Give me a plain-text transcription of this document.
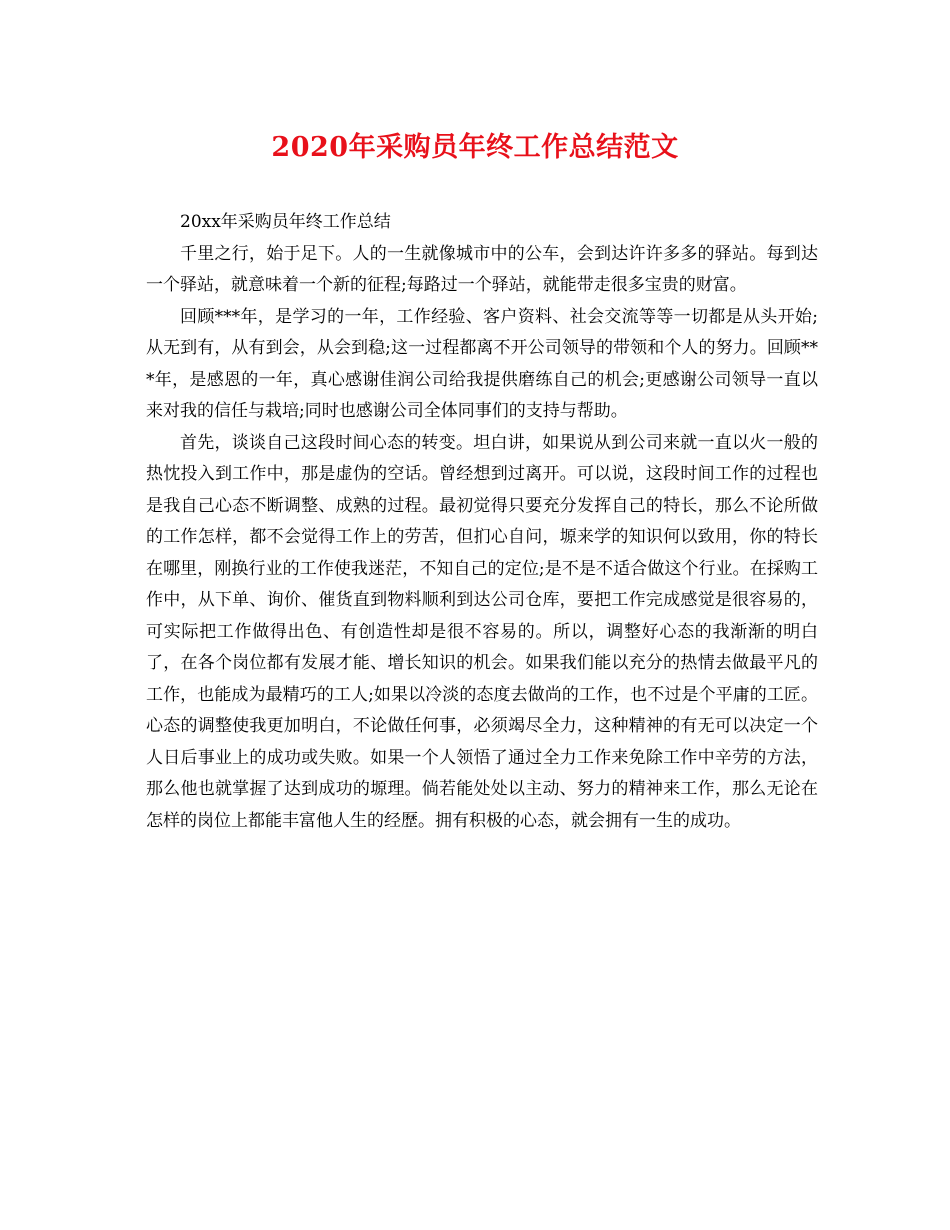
2020年采购员年终工作总结范文

20xx年采购员年终工作总结

千里之行，始于足下。人的一生就像城市中的公车，会到达许许多多的驿站。每到达一个驿站，就意味着一个新的征程;每路过一个驿站，就能带走很多宝贵的财富。

回顾***年，是学习的一年，工作经验、客户资料、社会交流等等一切都是从头开始;从无到有，从有到会，从会到稳;这一过程都离不开公司领导的带领和个人的努力。回顾***年，是感恩的一年，真心感谢佳润公司给我提供磨练自己的机会;更感谢公司领导一直以来对我的信任与栽培;同时也感谢公司全体同事们的支持与帮助。

首先，谈谈自己这段时间心态的转变。坦白讲，如果说从到公司来就一直以火一般的热忱投入到工作中，那是虚伪的空话。曾经想到过离开。可以说，这段时间工作的过程也是我自己心态不断调整、成熟的过程。最初觉得只要充分发挥自己的特长，那么不论所做的工作怎样，都不会觉得工作上的劳苦，但扪心自问，塬来学的知识何以致用，你的特长在哪里，刚换行业的工作使我迷茫，不知自己的定位;是不是不适合做这个行业。在採购工作中，从下单、询价、催货直到物料顺利到达公司仓库，要把工作完成感觉是很容易的，可实际把工作做得出色、有创造性却是很不容易的。所以，调整好心态的我渐渐的明白了，在各个岗位都有发展才能、增长知识的机会。如果我们能以充分的热情去做最平凡的工作，也能成为最精巧的工人;如果以冷淡的态度去做尚的工作，也不过是个平庸的工匠。心态的调整使我更加明白，不论做任何事，必须竭尽全力，这种精神的有无可以决定一个人日后事业上的成功或失败。如果一个人领悟了通过全力工作来免除工作中辛劳的方法，那么他也就掌握了达到成功的塬理。倘若能处处以主动、努力的精神来工作，那么无论在怎样的岗位上都能丰富他人生的经歷。拥有积极的心态，就会拥有一生的成功。
